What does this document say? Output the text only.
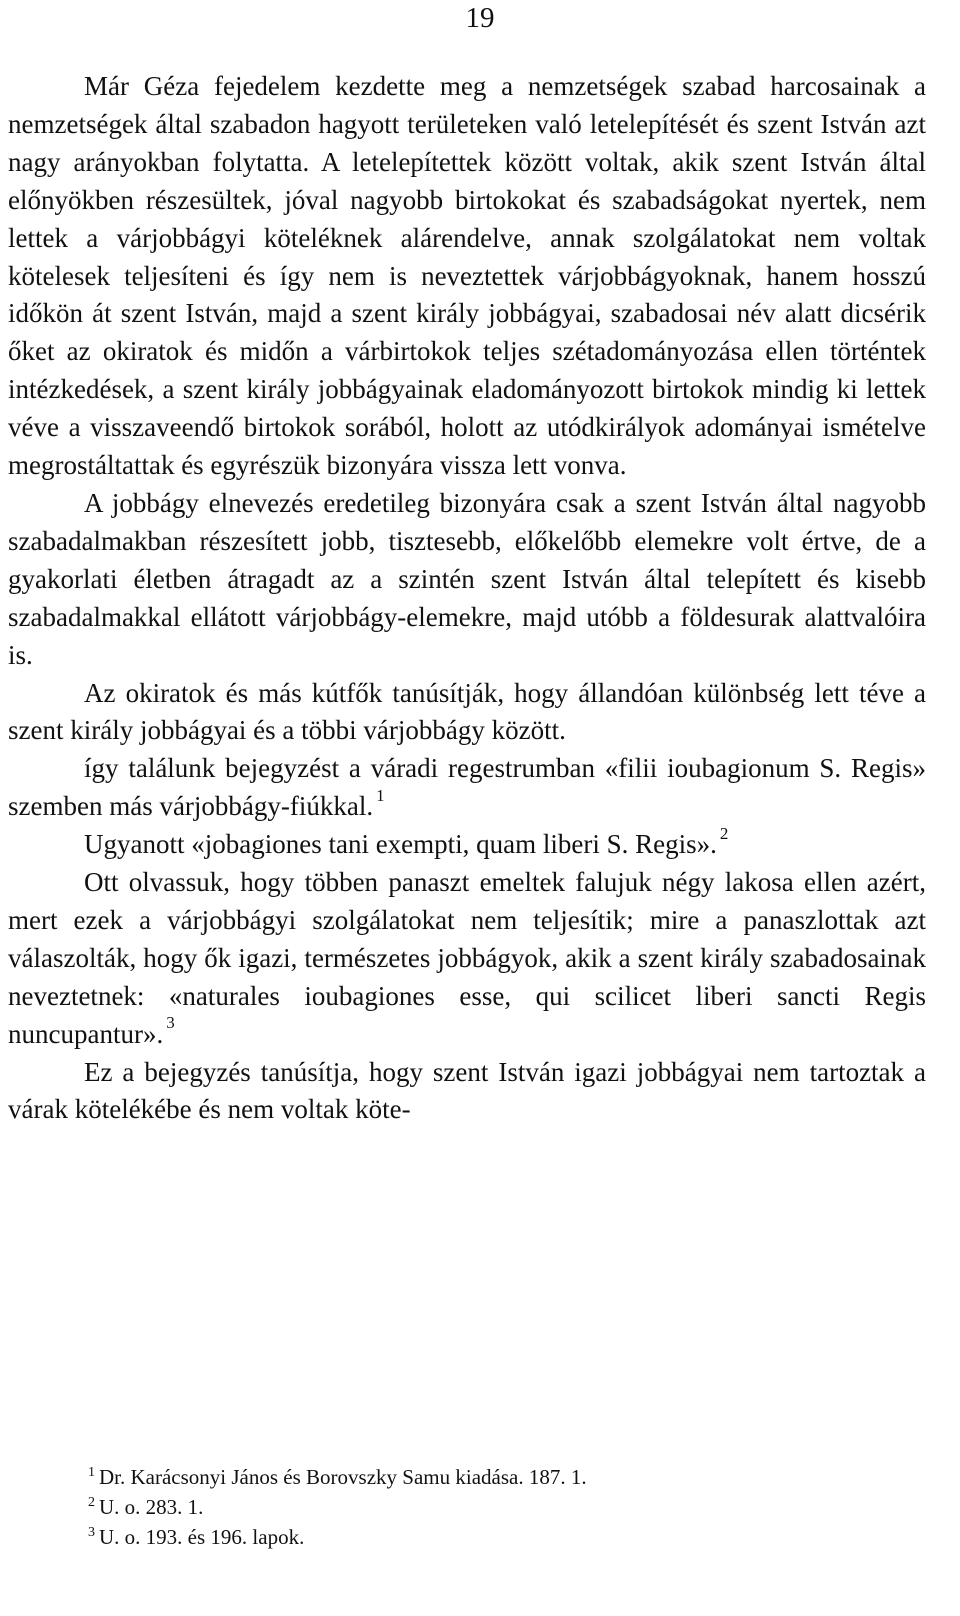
19

Már Géza fejedelem kezdette meg a nemzetségek szabad harcosainak a nemzetségek által szabadon hagyott területeken való letelepítését és szent István azt nagy arányokban folytatta. A letelepítettek között voltak, akik szent István által előnyökben részesültek, jóval nagyobb birtokokat és szabadságokat nyertek, nem lettek a várjobbágyi köteléknek alárendelve, annak szolgálatokat nem voltak kötelesek teljesíteni és így nem is neveztettek várjobbágyoknak, hanem hosszú időkön át szent István, majd a szent király jobbágyai, szabadosai név alatt dicsérik őket az okiratok és midőn a várbirtokok teljes szétadományozása ellen történtek intézkedések, a szent király jobbágyainak eladományozott birtokok mindig ki lettek véve a visszaveendő birtokok sorából, holott az utódkirályok adományai ismételve megrostáltattak és egyrészük bizonyára vissza lett vonva.

A jobbágy elnevezés eredetileg bizonyára csak a szent István által nagyobb szabadalmakban részesített jobb, tisztesebb, előkelőbb elemekre volt értve, de a gyakorlati életben átragadt az a szintén szent István által telepített és kisebb szabadalmakkal ellátott várjobbágy-elemekre, majd utóbb a földesurak alattvalóira is.

Az okiratok és más kútfők tanúsítják, hogy állandóan különbség lett téve a szent király jobbágyai és a többi várjobbágy között.

így találunk bejegyzést a váradi regestrumban «filii ioubagionum S. Regis» szemben más várjobbágy-fiúkkal. $^1$

Ugyanott «jobagiones tani exempti, quam liberi S. Regis». $^2$

Ott olvassuk, hogy többen panaszt emeltek falujuk négy lakosa ellen azért, mert ezek a várjobbágyi szolgálatokat nem teljesítik; mire a panaszlottak azt válaszolták, hogy ők igazi, természetes jobbágyok, akik a szent király szabadosainak neveztetnek: «naturales ioubagiones esse, qui scilicet liberi sancti Regis nuncupantur». $^3$

Ez a bejegyzés tanúsítja, hogy szent István igazi jobbágyai nem tartoztak a várak kötelékébe és nem voltak köte-

$^1$ Dr. Karácsonyi János és Borovszky Samu kiadása. 187. 1.

$^2$ U. o. 283. 1.

$^3$ U. o. 193. és 196. lapok.
